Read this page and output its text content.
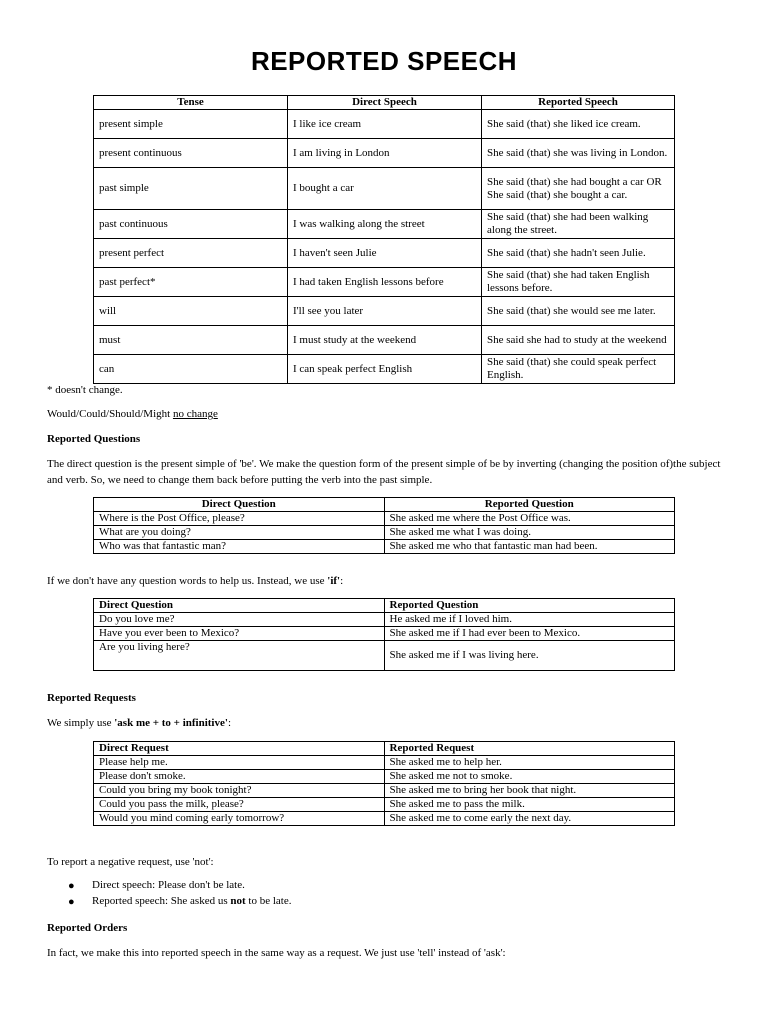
REPORTED SPEECH
Tense	Direct Speech	Reported Speech
present simple	I like ice cream	She said (that) she liked ice cream.
present continuous	I am living in London	She said (that) she was living in London.
past simple	I bought a car	She said (that) she had bought a car OR She said (that) she bought a car.
past continuous	I was walking along the street	She said (that) she had been walking along the street.
present perfect	I haven't seen Julie	She said (that) she hadn't seen Julie.
past perfect*	I had taken English lessons before	She said (that) she had taken English lessons before.
will	I'll see you later	She said (that) she would see me later.
must	I must study at the weekend	She said she had to study at the weekend
can	I can speak perfect English	She said (that) she could speak perfect English.
* doesn't change.
Would/Could/Should/Might no change
Reported Questions
The direct question is the present simple of 'be'. We make the question form of the present simple of be by inverting (changing the position of)the subject and verb. So, we need to change them back before putting the verb into the past simple.
Direct Question	Reported Question
Where is the Post Office, please?	She asked me where the Post Office was.
What are you doing?	She asked me what I was doing.
Who was that fantastic man?	She asked me who that fantastic man had been.
If we don't have any question words to help us. Instead, we use 'if':
Direct Question	Reported Question
Do you love me?	He asked me if I loved him.
Have you ever been to Mexico?	She asked me if I had ever been to Mexico.
Are you living here?	She asked me if I was living here.
Reported Requests
We simply use 'ask me + to + infinitive':
Direct Request	Reported Request
Please help me.	She asked me to help her.
Please don't smoke.	She asked me not to smoke.
Could you bring my book tonight?	She asked me to bring her book that night.
Could you pass the milk, please?	She asked me to pass the milk.
Would you mind coming early tomorrow?	She asked me to come early the next day.
To report a negative request, use 'not':
● Direct speech: Please don't be late.
● Reported speech: She asked us not to be late.
Reported Orders
In fact, we make this into reported speech in the same way as a request. We just use 'tell' instead of 'ask':
